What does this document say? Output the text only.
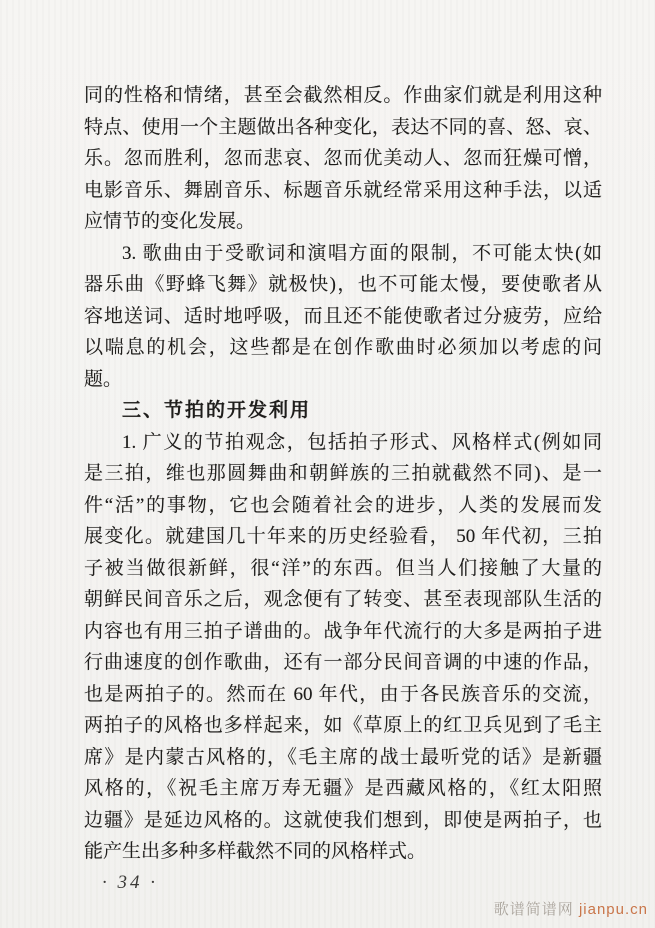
同的性格和情绪，甚至会截然相反。作曲家们就是利用这种
特点、使用一个主题做出各种变化，表达不同的喜、怒、哀、
乐。忽而胜利，忽而悲哀、忽而优美动人、忽而狂燥可憎，
电影音乐、舞剧音乐、标题音乐就经常采用这种手法，以适
应情节的变化发展。
3. 歌曲由于受歌词和演唱方面的限制，不可能太快(如
器乐曲《野蜂飞舞》就极快)，也不可能太慢，要使歌者从
容地送词、适时地呼吸，而且还不能使歌者过分疲劳，应给
以喘息的机会，这些都是在创作歌曲时必须加以考虑的问
题。
三、节拍的开发利用
1. 广义的节拍观念，包括拍子形式、风格样式(例如同
是三拍，维也那圆舞曲和朝鲜族的三拍就截然不同)、是一
件“活”的事物，它也会随着社会的进步，人类的发展而发
展变化。就建国几十年来的历史经验看， 50 年代初，三拍
子被当做很新鲜，很“洋”的东西。但当人们接触了大量的
朝鲜民间音乐之后，观念便有了转变、甚至表现部队生活的
内容也有用三拍子谱曲的。战争年代流行的大多是两拍子进
行曲速度的创作歌曲，还有一部分民间音调的中速的作品，
也是两拍子的。然而在 60 年代，由于各民族音乐的交流，
两拍子的风格也多样起来，如《草原上的红卫兵见到了毛主
席》是内蒙古风格的，《毛主席的战士最听党的话》是新疆
风格的，《祝毛主席万寿无疆》是西藏风格的，《红太阳照
边疆》是延边风格的。这就使我们想到，即使是两拍子，也
能产生出多种多样截然不同的风格样式。
· 34 ·
歌谱简谱网 jianpu.cn
